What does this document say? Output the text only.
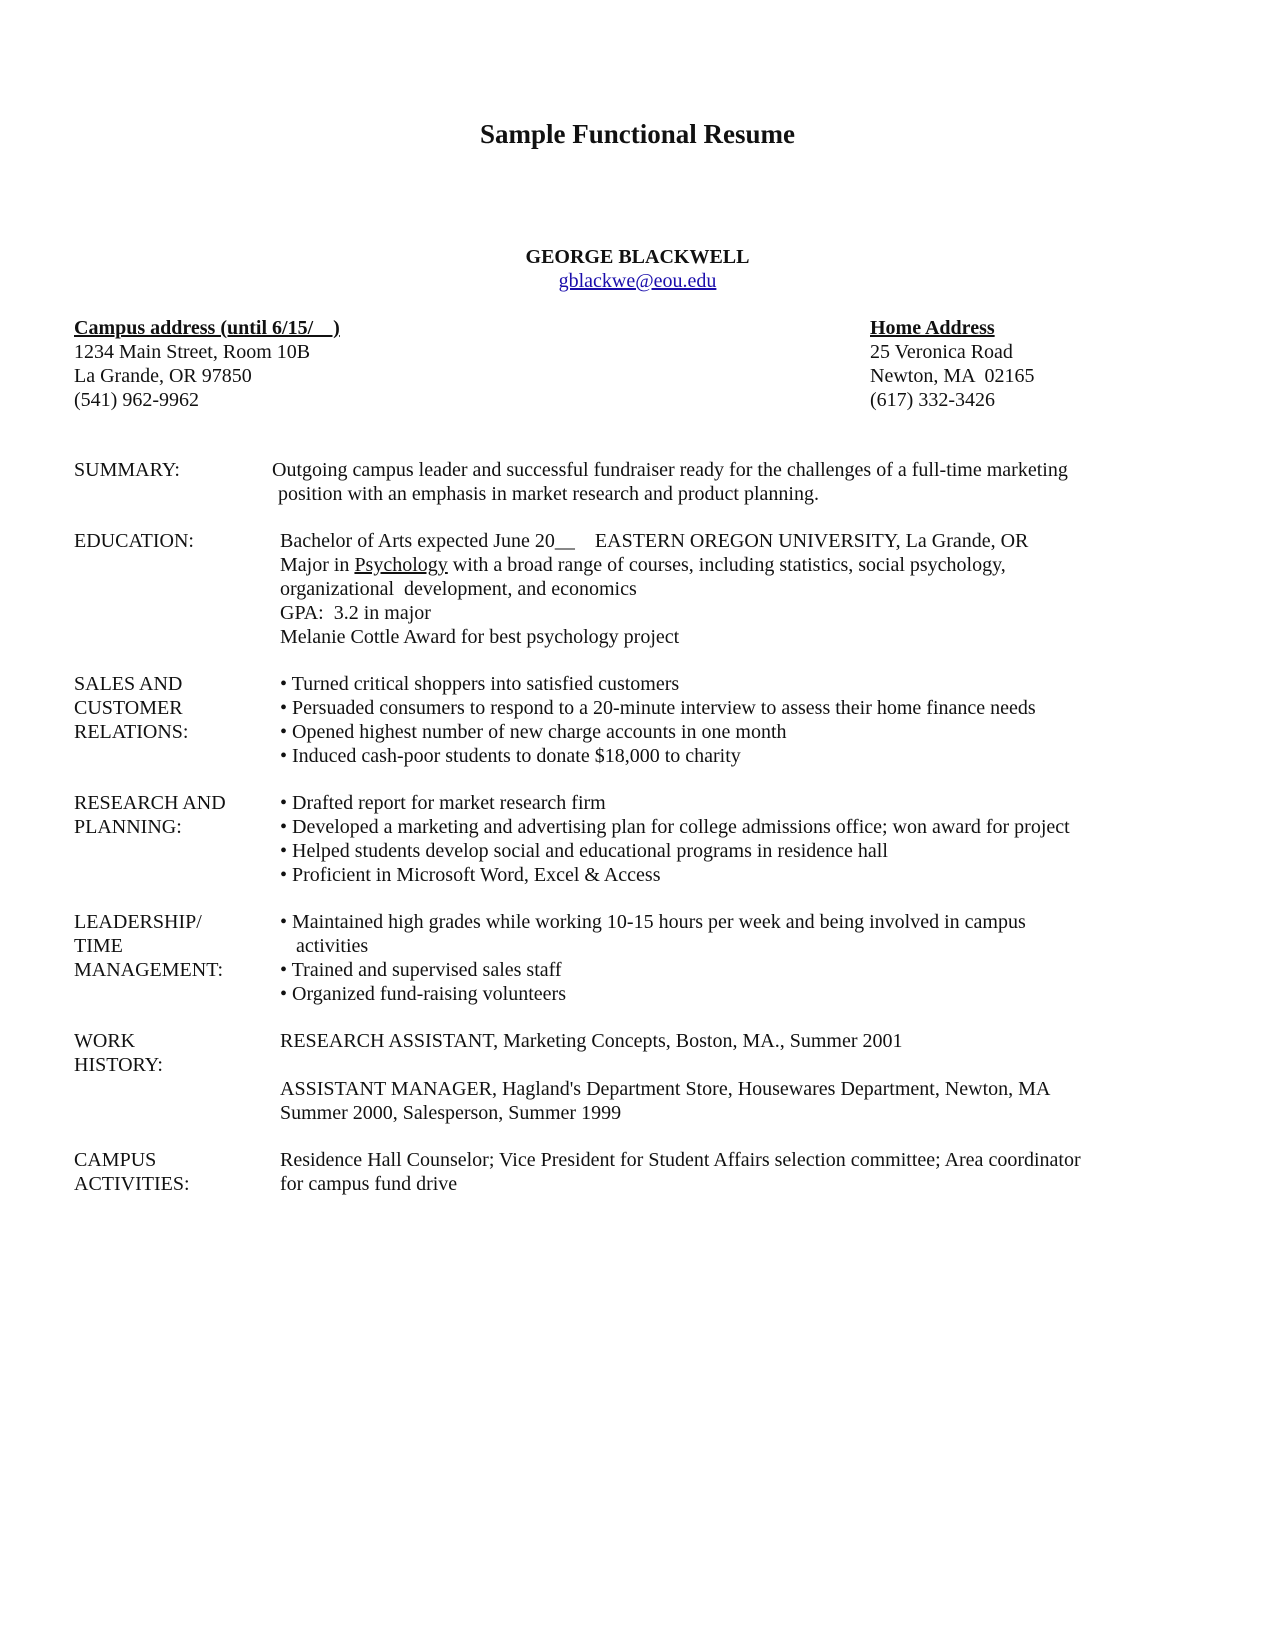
Sample Functional Resume
GEORGE BLACKWELL
gblackwe@eou.edu
Campus address (until 6/15/    )
1234 Main Street, Room 10B
La Grande, OR 97850
(541) 962-9962
Home Address
25 Veronica Road
Newton, MA  02165
(617) 332-3426
SUMMARY:	Outgoing campus leader and successful fundraiser ready for the challenges of a full-time marketing
position with an emphasis in market research and product planning.
EDUCATION:	Bachelor of Arts expected June 20__    EASTERN OREGON UNIVERSITY, La Grande, OR
Major in Psychology with a broad range of courses, including statistics, social psychology,
organizational  development, and economics
GPA:  3.2 in major
Melanie Cottle Award for best psychology project
SALES AND
CUSTOMER
RELATIONS:
• Turned critical shoppers into satisfied customers
• Persuaded consumers to respond to a 20-minute interview to assess their home finance needs
• Opened highest number of new charge accounts in one month
• Induced cash-poor students to donate $18,000 to charity
RESEARCH AND
PLANNING:
• Drafted report for market research firm
• Developed a marketing and advertising plan for college admissions office; won award for project
• Helped students develop social and educational programs in residence hall
• Proficient in Microsoft Word, Excel & Access
LEADERSHIP/
TIME
MANAGEMENT:
• Maintained high grades while working 10-15 hours per week and being involved in campus
activities
• Trained and supervised sales staff
• Organized fund-raising volunteers
WORK
HISTORY:
RESEARCH ASSISTANT, Marketing Concepts, Boston, MA., Summer 2001
ASSISTANT MANAGER, Hagland's Department Store, Housewares Department, Newton, MA
Summer 2000, Salesperson, Summer 1999
CAMPUS
ACTIVITIES:
Residence Hall Counselor; Vice President for Student Affairs selection committee; Area coordinator
for campus fund drive
